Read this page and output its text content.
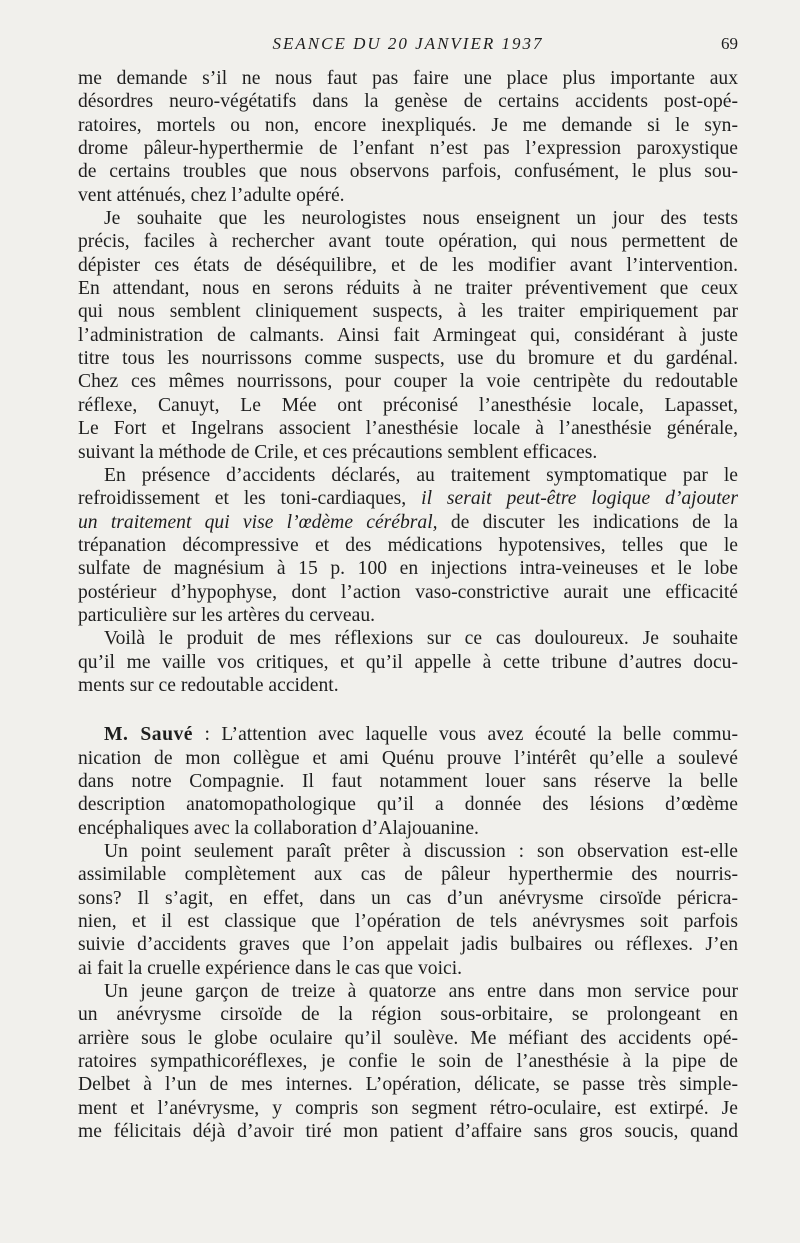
SEANCE DU 20 JANVIER 1937	69
me demande s’il ne nous faut pas faire une place plus importante aux
désordres neuro-végétatifs dans la genèse de certains accidents post-opé-
ratoires, mortels ou non, encore inexpliqués. Je me demande si le syn-
drome pâleur-hyperthermie de l’enfant n’est pas l’expression paroxystique
de certains troubles que nous observons parfois, confusément, le plus sou-
vent atténués, chez l’adulte opéré.
Je souhaite que les neurologistes nous enseignent un jour des tests
précis, faciles à rechercher avant toute opération, qui nous permettent de
dépister ces états de déséquilibre, et de les modifier avant l’intervention.
En attendant, nous en serons réduits à ne traiter préventivement que ceux
qui nous semblent cliniquement suspects, à les traiter empiriquement par
l’administration de calmants. Ainsi fait Armingeat qui, considérant à juste
titre tous les nourrissons comme suspects, use du bromure et du gardénal.
Chez ces mêmes nourrissons, pour couper la voie centripète du redoutable
réflexe, Canuyt, Le Mée ont préconisé l’anesthésie locale, Lapasset,
Le Fort et Ingelrans associent l’anesthésie locale à l’anesthésie générale,
suivant la méthode de Crile, et ces précautions semblent efficaces.
En présence d’accidents déclarés, au traitement symptomatique par le
refroidissement et les toni-cardiaques, il serait peut-être logique d’ajouter
un traitement qui vise l’œdème cérébral, de discuter les indications de la
trépanation décompressive et des médications hypotensives, telles que le
sulfate de magnésium à 15 p. 100 en injections intra-veineuses et le lobe
postérieur d’hypophyse, dont l’action vaso-constrictive aurait une efficacité
particulière sur les artères du cerveau.
Voilà le produit de mes réflexions sur ce cas douloureux. Je souhaite
qu’il me vaille vos critiques, et qu’il appelle à cette tribune d’autres docu-
ments sur ce redoutable accident.
M. Sauvé : L’attention avec laquelle vous avez écouté la belle commu-
nication de mon collègue et ami Quénu prouve l’intérêt qu’elle a soulevé
dans notre Compagnie. Il faut notamment louer sans réserve la belle
description anatomopathologique qu’il a donnée des lésions d’œdème
encéphaliques avec la collaboration d’Alajouanine.
Un point seulement paraît prêter à discussion : son observation est-elle
assimilable complètement aux cas de pâleur hyperthermie des nourris-
sons? Il s’agit, en effet, dans un cas d’un anévrysme cirsoïde péricra-
nien, et il est classique que l’opération de tels anévrysmes soit parfois
suivie d’accidents graves que l’on appelait jadis bulbaires ou réflexes. J’en
ai fait la cruelle expérience dans le cas que voici.
Un jeune garçon de treize à quatorze ans entre dans mon service pour
un anévrysme cirsoïde de la région sous-orbitaire, se prolongeant en
arrière sous le globe oculaire qu’il soulève. Me méfiant des accidents opé-
ratoires sympathicoréflexes, je confie le soin de l’anesthésie à la pipe de
Delbet à l’un de mes internes. L’opération, délicate, se passe très simple-
ment et l’anévrysme, y compris son segment rétro-oculaire, est extirpé. Je
me félicitais déjà d’avoir tiré mon patient d’affaire sans gros soucis, quand
